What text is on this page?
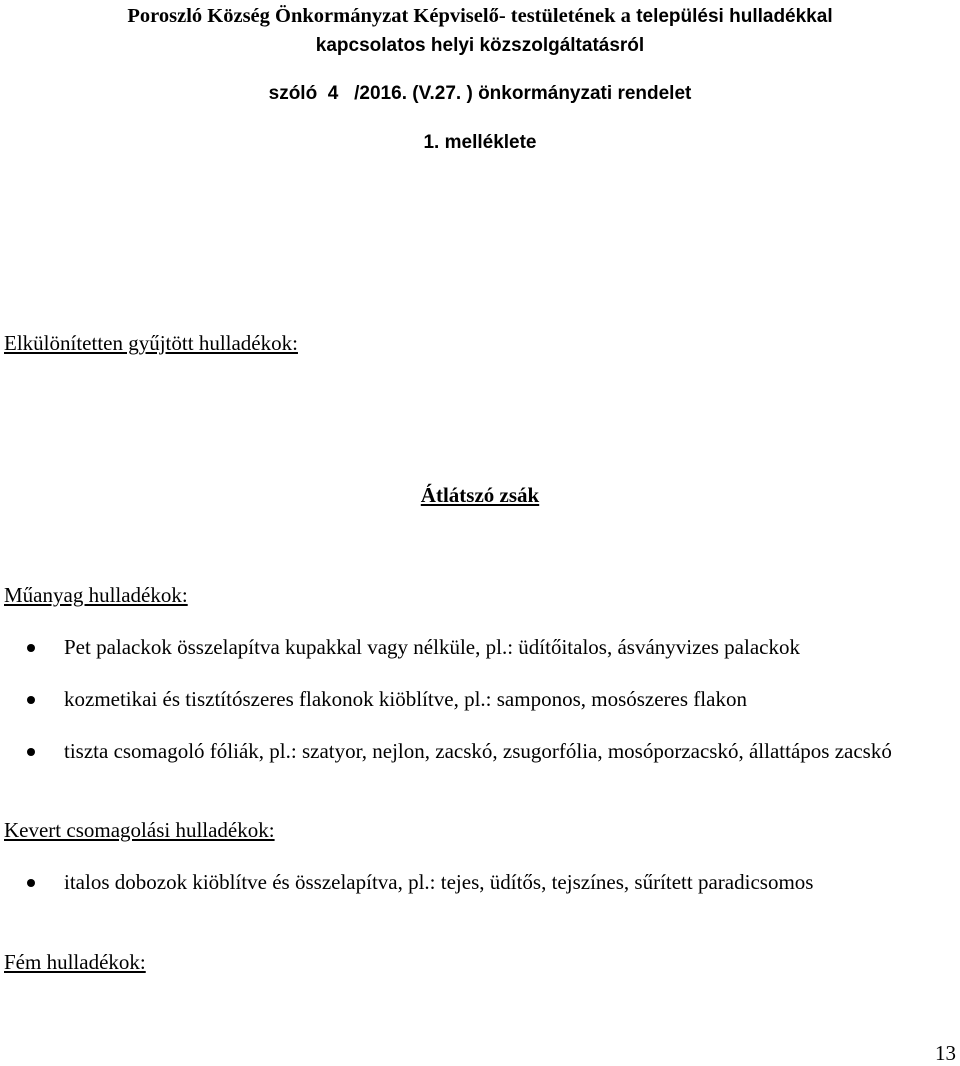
Poroszló Község Önkormányzat Képviselő- testületének a települési hulladékkal
kapcsolatos helyi közszolgáltatásról
szóló  4   /2016. (V.27. ) önkormányzati rendelet
1. melléklete
Elkülönítetten gyűjtött hulladékok:
Átlátszó zsák
Műanyag hulladékok:
Pet palackok összelapítva kupakkal vagy nélküle, pl.: üdítőitalos, ásványvizes palackok
kozmetikai és tisztítószeres flakonok kiöblítve, pl.: samponos, mosószeres flakon
tiszta csomagoló fóliák, pl.: szatyor, nejlon, zacskó, zsugorfólia, mosóporzacskó, állattápos zacskó
Kevert csomagolási hulladékok:
italos dobozok kiöblítve és összelapítva, pl.: tejes, üdítős, tejszínes, sűrített paradicsomos
Fém hulladékok:
13
